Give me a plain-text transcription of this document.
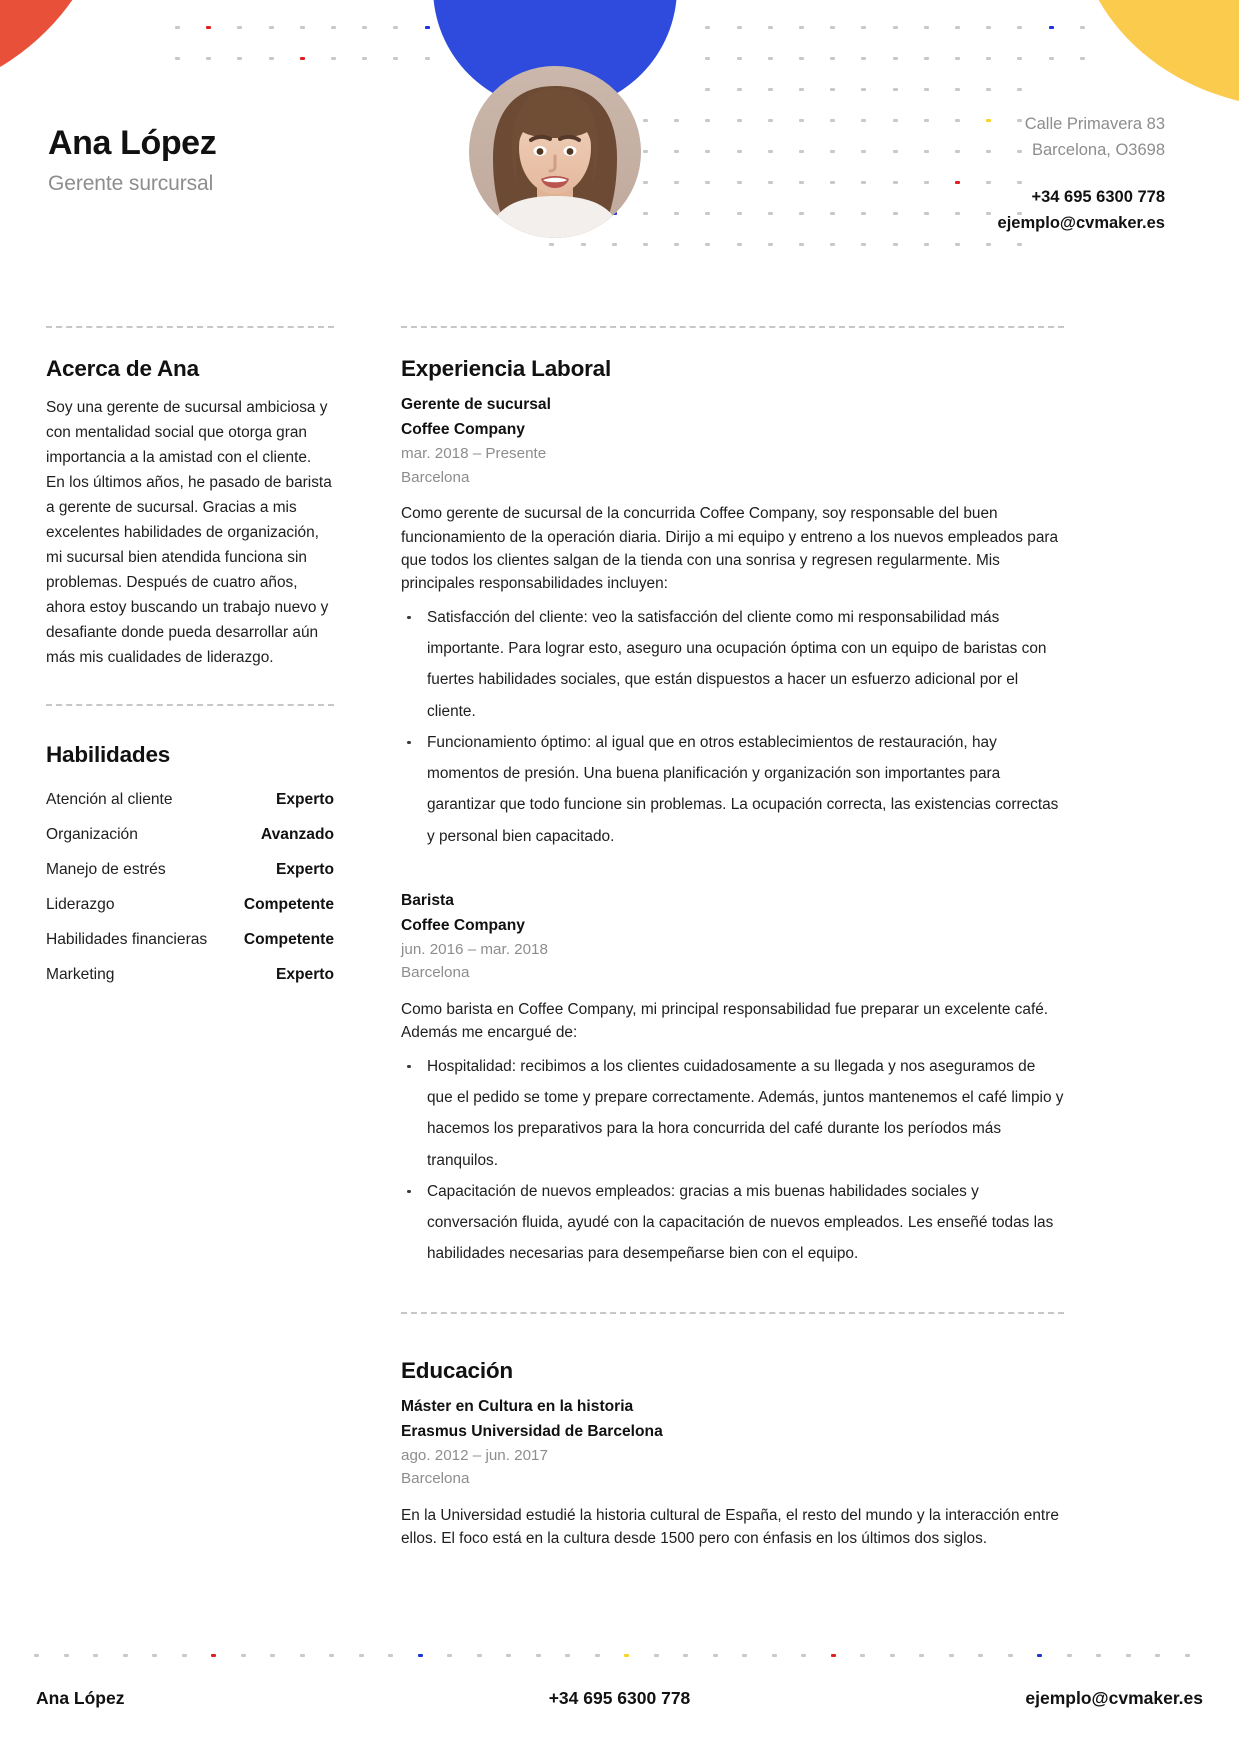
Ana López
Gerente surcursal
Calle Primavera 83
Barcelona, O3698
+34 695 6300 778
ejemplo@cvmaker.es
Acerca de Ana

Soy una gerente de sucursal ambiciosa y con mentalidad social que otorga gran importancia a la amistad con el cliente. En los últimos años, he pasado de barista a gerente de sucursal. Gracias a mis excelentes habilidades de organización, mi sucursal bien atendida funciona sin problemas. Después de cuatro años, ahora estoy buscando un trabajo nuevo y desafiante donde pueda desarrollar aún más mis cualidades de liderazgo.

Habilidades
Atención al cliente	Experto
Organización	Avanzado
Manejo de estrés	Experto
Liderazgo	Competente
Habilidades financieras Competente
Marketing	Experto
Experiencia Laboral

Gerente de sucursal

Coffee Company

mar. 2018 – Presente

Barcelona

Como gerente de sucursal de la concurrida Coffee Company, soy responsable del buen funcionamiento de la operación diaria. Dirijo a mi equipo y entreno a los nuevos empleados para que todos los clientes salgan de la tienda con una sonrisa y regresen regularmente. Mis principales responsabilidades incluyen:

Satisfacción del cliente: veo la satisfacción del cliente como mi responsabilidad más importante. Para lograr esto, aseguro una ocupación óptima con un equipo de baristas con fuertes habilidades sociales, que están dispuestos a hacer un esfuerzo adicional por el cliente.
Funcionamiento óptimo: al igual que en otros establecimientos de restauración, hay momentos de presión. Una buena planificación y organización son importantes para garantizar que todo funcione sin problemas. La ocupación correcta, las existencias correctas y personal bien capacitado.

Barista

Coffee Company

jun. 2016 – mar. 2018

Barcelona

Como barista en Coffee Company, mi principal responsabilidad fue preparar un excelente café. Además me encargué de:

Hospitalidad: recibimos a los clientes cuidadosamente a su llegada y nos aseguramos de que el pedido se tome y prepare correctamente. Además, juntos mantenemos el café limpio y hacemos los preparativos para la hora concurrida del café durante los períodos más tranquilos.
Capacitación de nuevos empleados: gracias a mis buenas habilidades sociales y conversación fluida, ayudé con la capacitación de nuevos empleados. Les enseñé todas las habilidades necesarias para desempeñarse bien con el equipo.
Educación

Máster en Cultura en la historia

Erasmus Universidad de Barcelona

ago. 2012 – jun. 2017

Barcelona

En la Universidad estudié la historia cultural de España, el resto del mundo y la interacción entre ellos. El foco está en la cultura desde 1500 pero con énfasis en los últimos dos siglos.

Ana López	+34 695 6300 778	ejemplo@cvmaker.es
